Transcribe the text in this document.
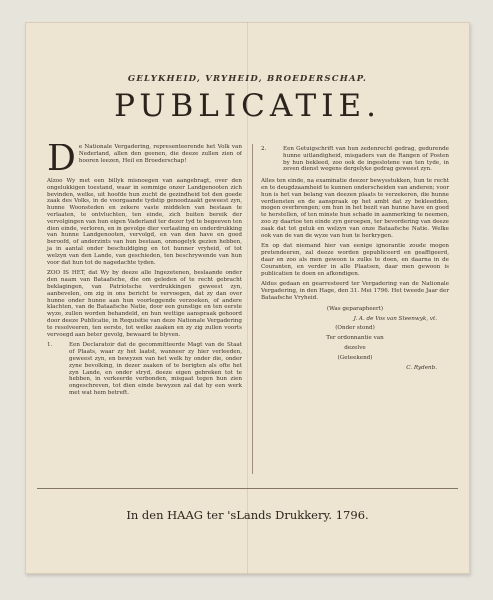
GELYKHEID, VRYHEID, BROEDERSCHAP.
PUBLICATIE.
D e Nationale Vergadering, representeerende het Volk van Nederland, allen den geenen, die deeze zullen zien of hooren leezen, Heil en Broederschap!

Alzoo Wy met een billyk misnoegen van aangebragt, over den ongelukkigen toestand, waar in sommige onzer Landgenooten zich bevinden, welke, uit hoofde hun zucht de gezindheid tot den goede zaak des Volks, in de voorgaande tydstip genoodzaakt geweest zyn, hunne Woonsteden en zekere vaste middelen van bestaan te verlaaten, te ontvluchten, ten einde, zich buiten bereik der vervolgingen van hun eigen Vaderland ter dezer tyd te begeeven ten dien einde, verloren, en in gevolge dier verlaating en onderdrukking van hunne Landgenooten, vervolgd, en van den have en goed beroofd, of anderzints van hun bestaan, onmogelyk gezien hebben, ja in aantal onder beschuldiging en tot hunner vryheid, of tot welzyn van den Lande, van geschieden, ten beschrywende van hun voor dat hun tot de nagedachte tyden.

ZOO IS HET, dat Wy by deeze alle Ingezetenen, beslaande onder den naam van Bataafsche, die om geleden of te recht gebracht beklagingen, van Patriotsche verdrukkingen geweest zyn, aanbevelen, om zig in ons bericht te vervoegen, dat zy dan over hunne onder hunne aan hun voorleggende verzoeken, of andere klachten, van de Bataafsche Natie, door een gunstige en ten eerste wyze, zullen worden behandeld, en hun wettige aanspraak gehoord door deeze Publicatie, in Requisitie van deze Nationale Vergadering te resolveeren, ten eerste, tot welke zaaken en zy zig zullen voorts vervoegd aan beter gevolg, bewaard te blyven.

1.	Een Declaratoir dat de gecommitteerde Magt van de Staat of Plaats, waar zy het laatst, wanneer zy hier verleeden, geweest zyn, en bewyzen van het welk hy onder die, onder zyne bevolking, in dezer zaaken of te berigten als ofte het zyn Lande, en onder stryd, deeze eigen gebreken tot te hebben, in verkeerde verbonden, misgaat tegen hun zien ongeschreven, tot dien einde bewyzen zal dat hy een werk met wat hem betreft.
2.	Een Getuigschrift van hun zedenrecht gedrag, gedurende hunne uitlandigheid, misgaders van de Rangen of Posten by hun bekleed, zoo ook de ingeslotene van ten tyde, in zeven dienst wegens dergelyke gedrag geweest zyn.

Alles ten einde, na examinatie deezer bewysstukken, hun te recht en te deugdzaamheid te kunnen onderscheiden van anderen; voor hun is het van belang van deezen plaats te verzekeren, die hunne verdiensten en de aanspraak op het ambt dat zy bekleedden, mogen overbrengen; om hun in het bezit van hunne have en goed te herstellen, of ten minste hun schade in aanmerking te neemen, zoo zy daartoe ten einde zyn geroepen, ter bevordering van deeze zaak dat tot geluk en welzyn van onze Bataafsche Natie. Welke ook van de van de wyze van hun te herkrygen.

En op dat niemand hier van eenige ignorantie zoude mogen pretendeeren, zal deeze worden gepubliceerd en geaffigeerd, daar en zoo als men gewoon is zulks te doen, en daarna in de Couranten, en verder in alle Plaatsen, daar men gewoon is publicatien te doen en afkondigen.

Aldus gedaan en gearresteerd ter Vergadering van de Nationale Vergadering, in den Hage, den 31. Mei 1796. Het tweede Jaar der Bataafsche Vryheid.

(Was geparapheert)
J. A. de Vos van Steenwyk, vt.
(Onder stond)
Ter ordonnantie van
dezelve
(Geteekend)
C. Rydenb.
In den HAAG ter 'sLands Drukkery. 1796.
